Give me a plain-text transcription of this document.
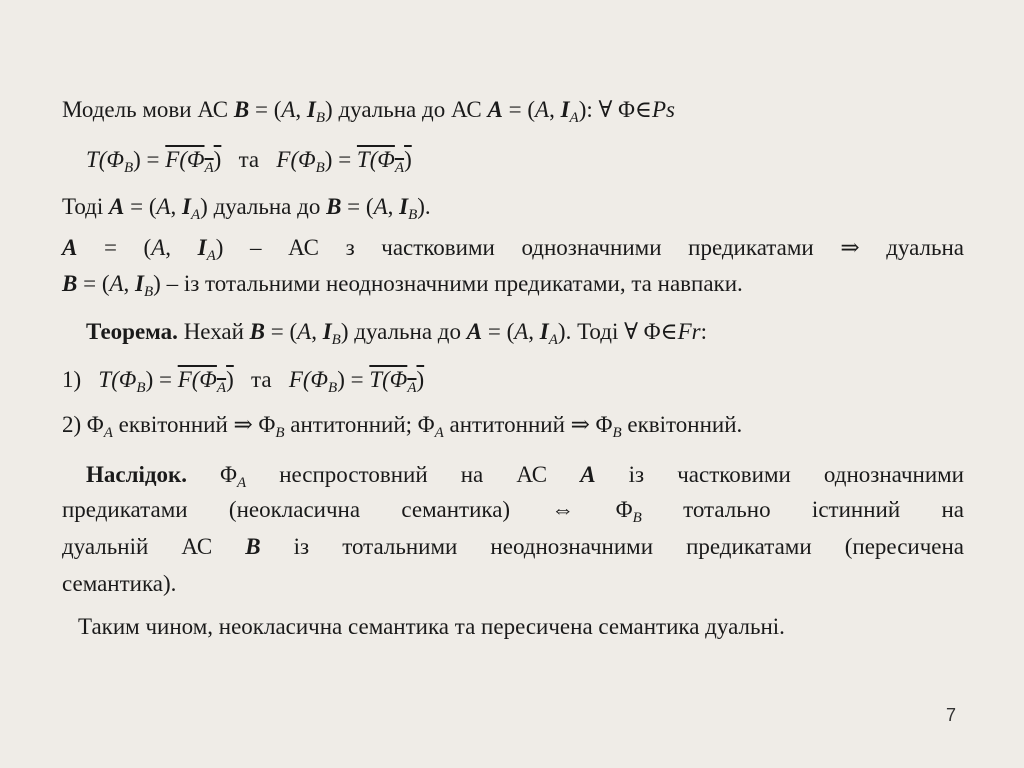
Модель мови АС B = (A, $I_B$) дуальна до АС A = (A, $I_A$): ∀ Φ∈Ps
$T(\Phi_B) = F(\Phi_A)$ та $F(\Phi_B) = T(\Phi_A)$
Тоді A = (A, $I_A$) дуальна до B = (A, $I_B$).
A = (A, $I_A$) – АС з частковими однозначними предикатами ⇒ дуальна
B = (A, $I_B$) – із тотальними неоднозначними предикатами, та навпаки.
Теорема. Нехай B = (A, $I_B$) дуальна до A = (A, $I_A$). Тоді ∀ Φ∈Fr:
1) $T(\Phi_B) = F(\Phi_A)$ та $F(\Phi_B) = T(\Phi_A)$
2) $\Phi_A$ еквітонний ⇒ $\Phi_B$ антитонний; $\Phi_A$ антитонний ⇒ $\Phi_B$ еквітонний.
Наслідок. $\Phi_A$ неспростовний на АС A із частковими однозначними
предикатами (неокласична семантика) ⇔ $\Phi_B$ тотально істинний на
дуальній АС B із тотальними неоднозначними предикатами (пересичена
семантика).
Таким чином, неокласична семантика та пересичена семантика дуальні.
7
